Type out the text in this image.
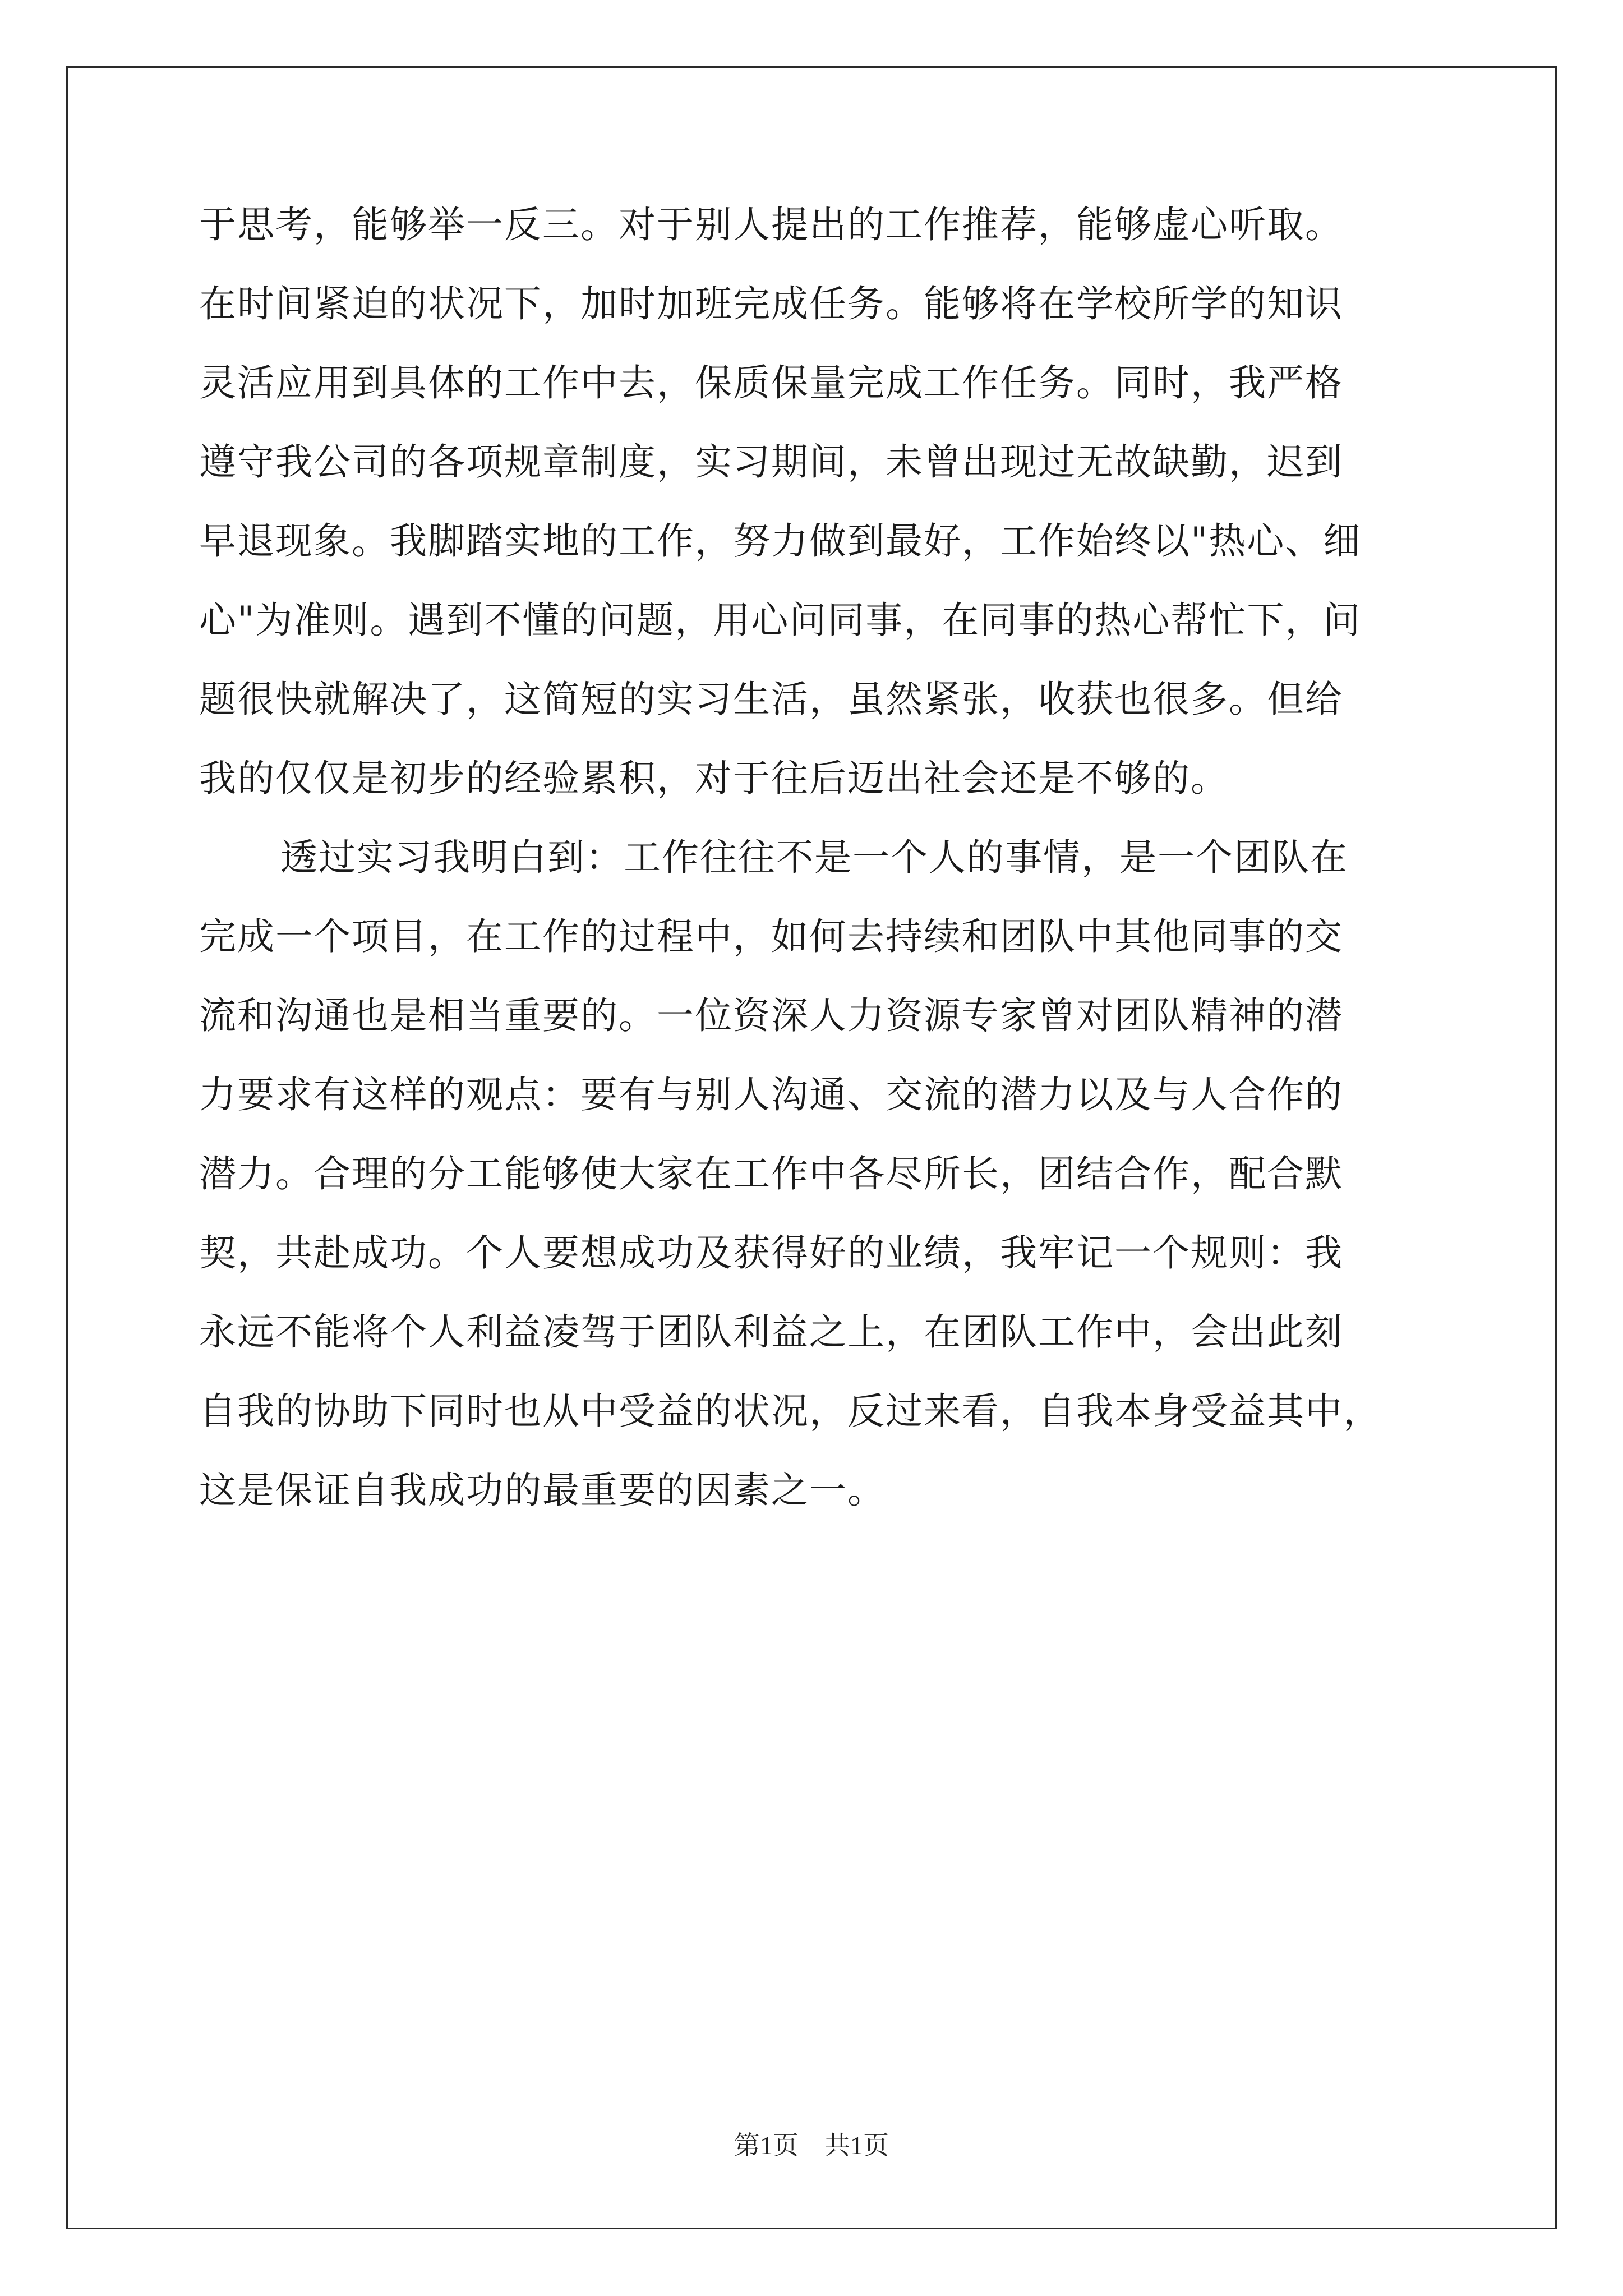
于思考，能够举一反三。对于别人提出的工作推荐，能够虚心听取。
在时间紧迫的状况下，加时加班完成任务。能够将在学校所学的知识
灵活应用到具体的工作中去，保质保量完成工作任务。同时，我严格
遵守我公司的各项规章制度，实习期间，未曾出现过无故缺勤，迟到
早退现象。我脚踏实地的工作，努力做到最好，工作始终以"热心、细
心"为准则。遇到不懂的问题，用心问同事，在同事的热心帮忙下，问
题很快就解决了，这简短的实习生活，虽然紧张，收获也很多。但给
我的仅仅是初步的经验累积，对于往后迈出社会还是不够的。
透过实习我明白到：工作往往不是一个人的事情，是一个团队在
完成一个项目，在工作的过程中，如何去持续和团队中其他同事的交
流和沟通也是相当重要的。一位资深人力资源专家曾对团队精神的潜
力要求有这样的观点：要有与别人沟通、交流的潜力以及与人合作的
潜力。合理的分工能够使大家在工作中各尽所长，团结合作，配合默
契，共赴成功。个人要想成功及获得好的业绩，我牢记一个规则：我
永远不能将个人利益凌驾于团队利益之上，在团队工作中，会出此刻
自我的协助下同时也从中受益的状况，反过来看，自我本身受益其中，
这是保证自我成功的最重要的因素之一。
第1页 共1页
